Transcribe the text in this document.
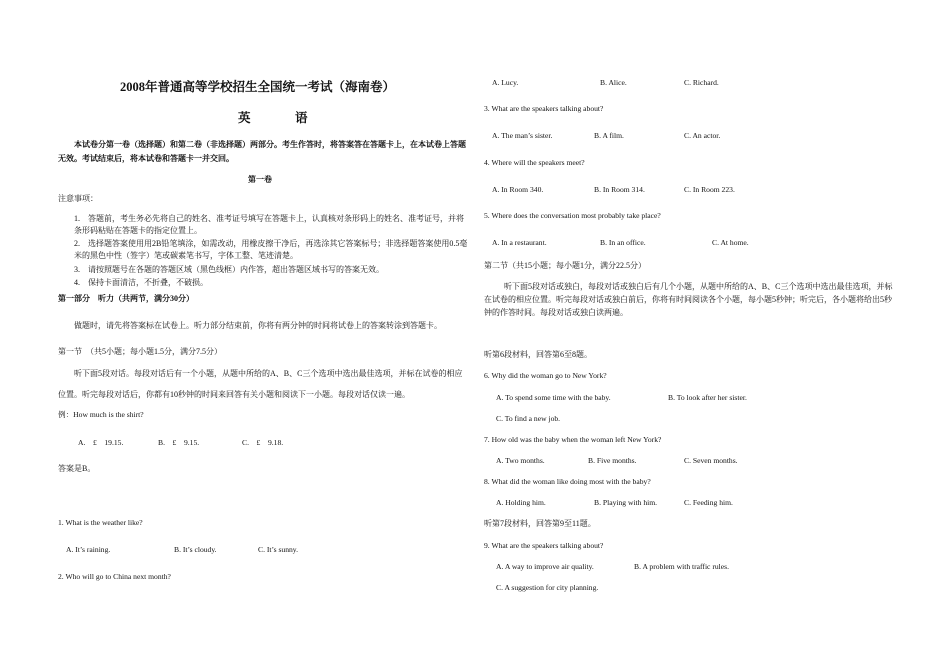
2008年普通高等学校招生全国统一考试（海南卷）
英　语
本试卷分第一卷（选择题）和第二卷（非选择题）两部分。考生作答时，将答案答在答题卡上，在本试卷上答题无效。考试结束后，将本试卷和答题卡一并交回。
第一卷
注意事项：
1.　答题前，考生务必先将自己的姓名、准考证号填写在答题卡上，认真核对条形码上的姓名、准考证号，并将条形码粘贴在答题卡的指定位置上。
2.　选择题答案使用用2B铅笔填涂，如需改动，用橡皮擦干净后，再选涂其它答案标号；非选择题答案使用0.5毫米的黑色中性（签字）笔或碳素笔书写，字体工整、笔迹清楚。
3.　请按照题号在各题的答题区域（黑色线框）内作答，超出答题区域书写的答案无效。
4.　保持卡面清洁，不折叠，不破损。
第一部分　听力（共两节，满分30分）
做题时，请先将答案标在试卷上。听力部分结束前，你将有两分钟的时间将试卷上的答案转涂到答题卡。
第一节　（共5小题；每小题1.5分，满分7.5分）
听下面5段对话。每段对话后有一个小题，从题中所给的A、B、C三个选项中选出最佳选项，并标在试卷的相应位置。听完每段对话后，你都有10秒钟的时间来回答有关小题和阅读下一小题。每段对话仅读一遍。
例：How much is the shirt?
A.　£　19.15.	B.　£　9.15.	C.　£　9.18.
答案是B。
1. What is the weather like?
A. It’s raining.	B. It’s cloudy.	C. It’s sunny.
2. Who will go to China next month?
A. Lucy.	B. Alice.	C. Richard.
3. What are the speakers talking about?
A. The man’s sister.	B. A film.	C. An actor.
4. Where will the speakers meet?
A. In Room 340.	B. In Room 314.	C. In Room 223.
5. Where does the conversation most probably take place?
A. In a restaurant.	B. In an office.	C. At home.
第二节（共15小题；每小题1分，满分22.5分）
听下面5段对话或独白，每段对话或独白后有几个小题，从题中所给的A、B、C三个选项中选出最佳选项，并标在试卷的相应位置。听完每段对话或独白前后，你将有时间阅读各个小题，每小题5秒钟；听完后，各小题将给出5秒钟的作答时间。每段对话或独白读两遍。
听第6段材料，回答第6至8题。
6. Why did the woman go to New York?
A. To spend some time with the baby.	B. To look after her sister.
C. To find a new job.
7. How old was the baby when the woman left New York?
A. Two months.	B. Five months.	C. Seven months.
8. What did the woman like doing most with the baby?
A. Holding him.	B. Playing with him.	C. Feeding him.
听第7段材料，回答第9至11题。
9. What are the speakers talking about?
A. A way to improve air quality.	B. A problem with traffic rules.
C. A suggestion for city planning.
